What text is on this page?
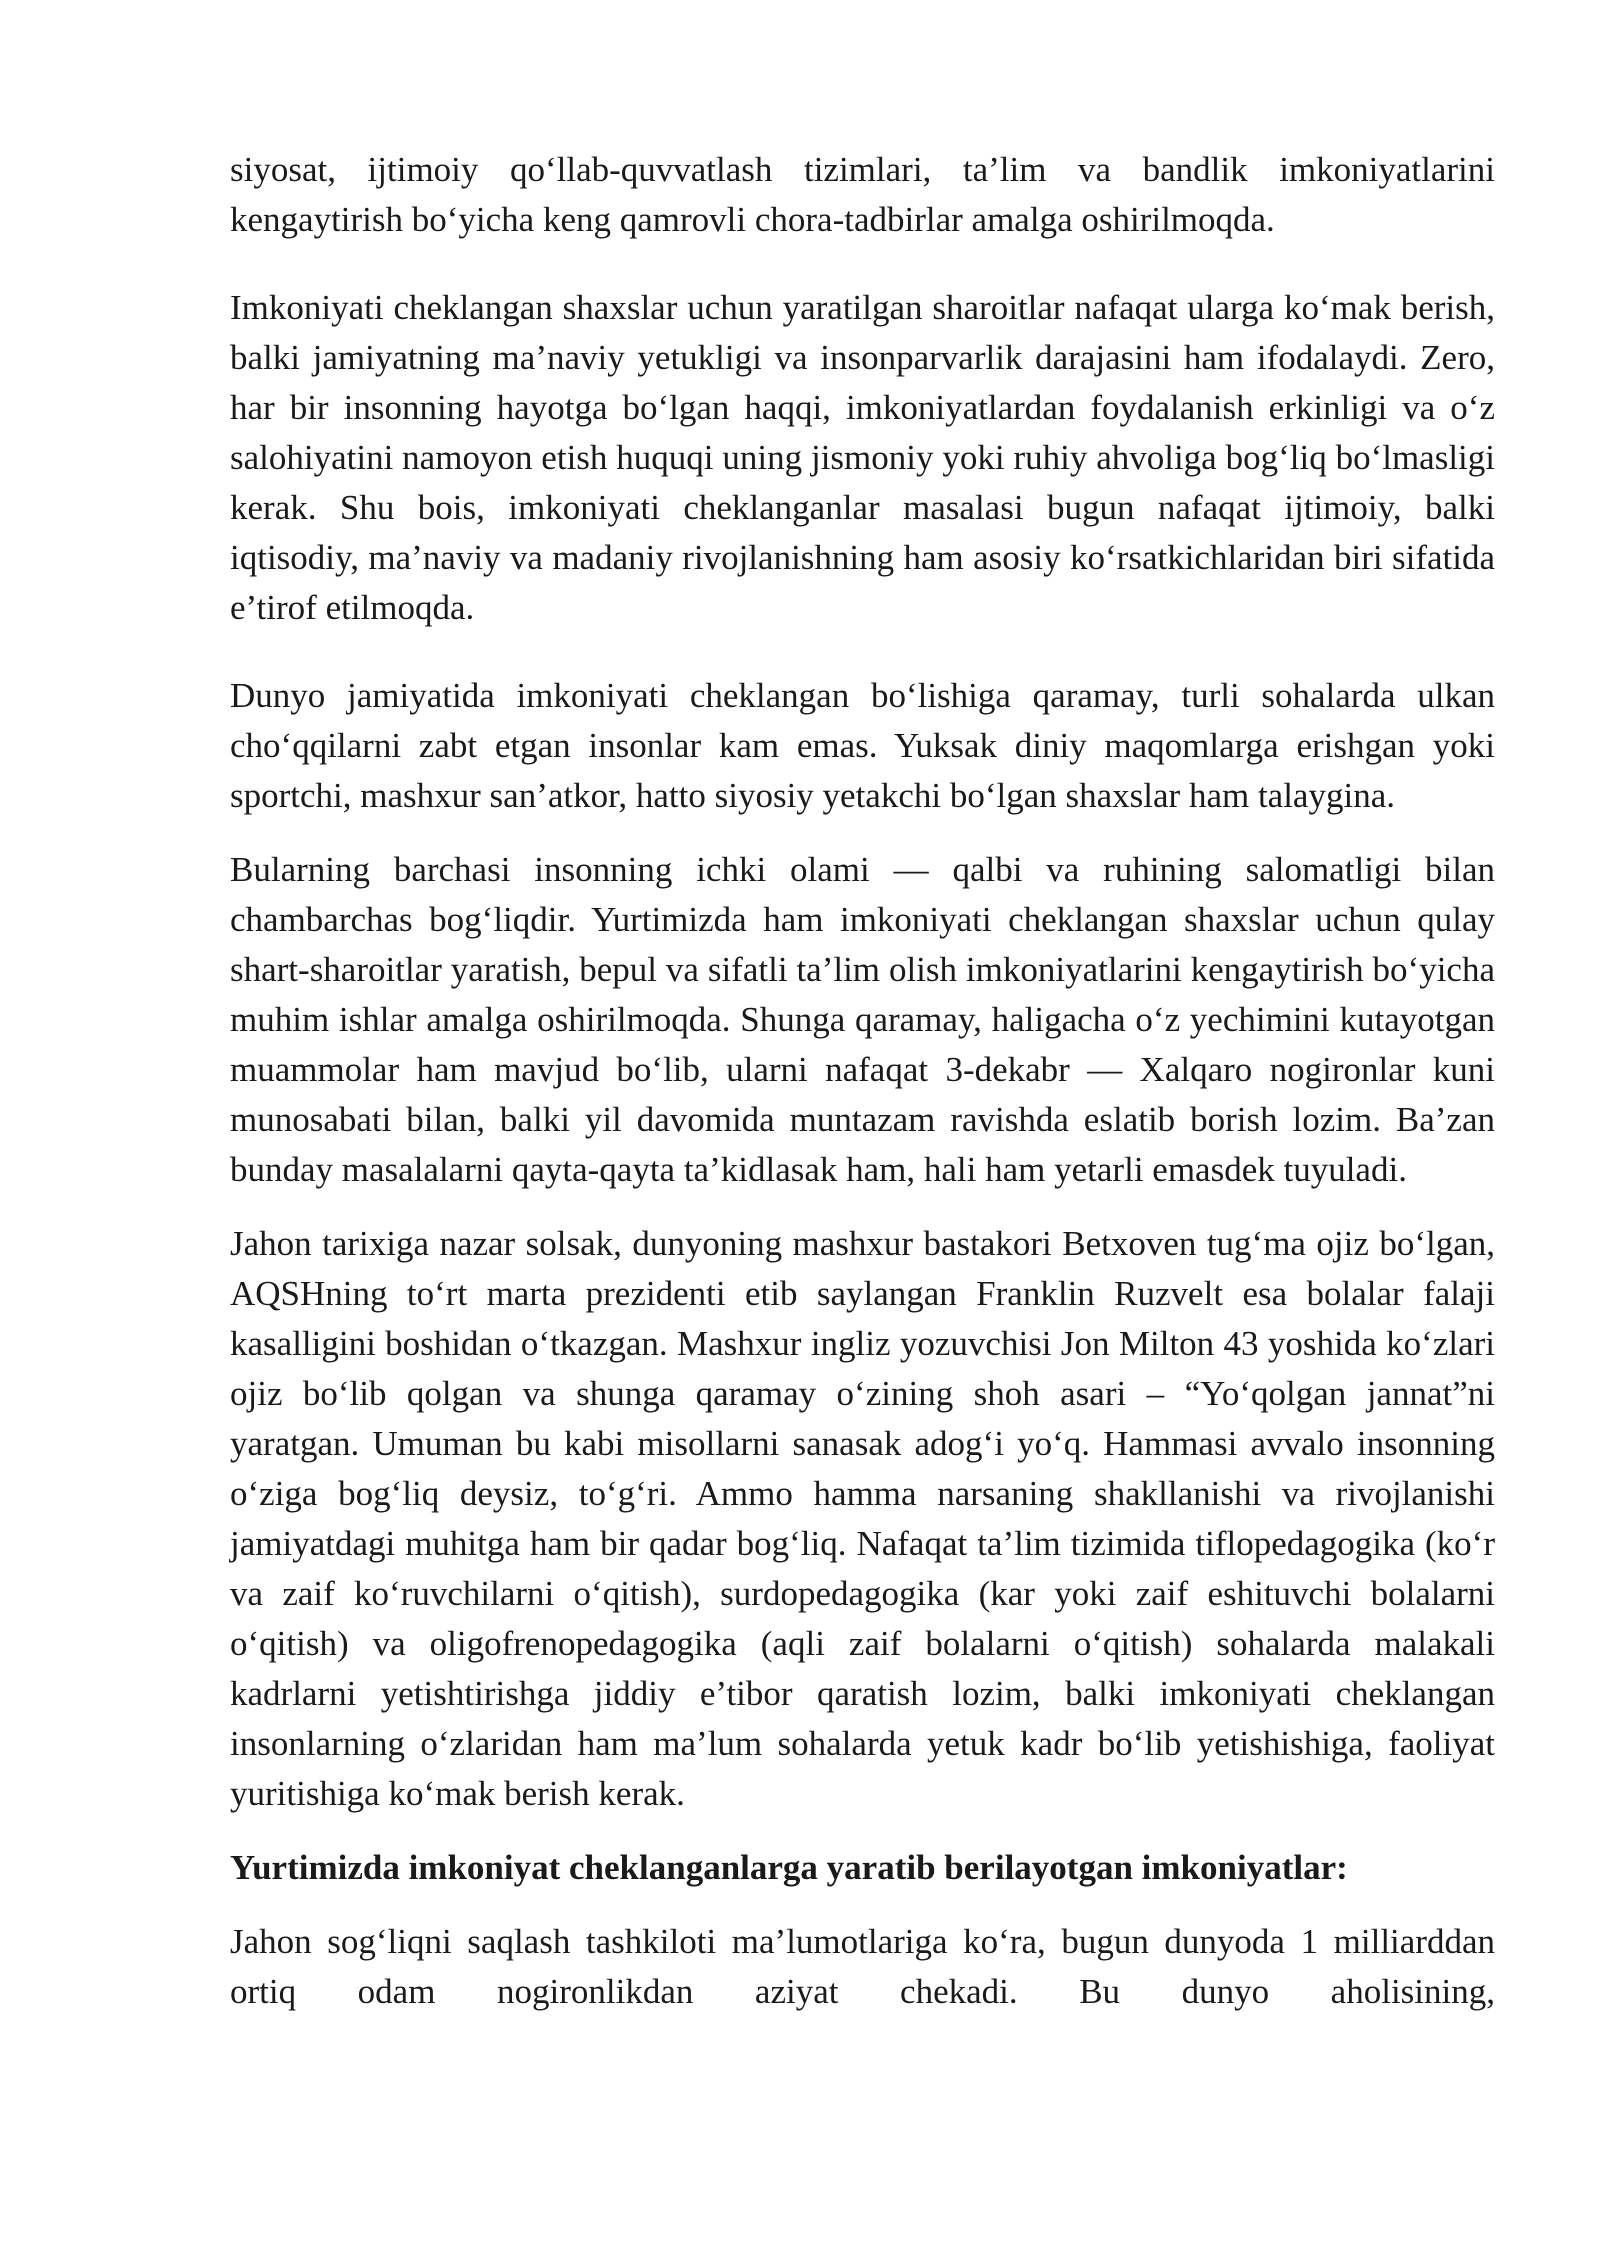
siyosat, ijtimoiy qo‘llab-quvvatlash tizimlari, ta’lim va bandlik imkoniyatlarini kengaytirish bo‘yicha keng qamrovli chora-tadbirlar amalga oshirilmoqda.

Imkoniyati cheklangan shaxslar uchun yaratilgan sharoitlar nafaqat ularga ko‘mak berish, balki jamiyatning ma’naviy yetukligi va insonparvarlik darajasini ham ifodalaydi. Zero, har bir insonning hayotga bo‘lgan haqqi, imkoniyatlardan foydalanish erkinligi va o‘z salohiyatini namoyon etish huquqi uning jismoniy yoki ruhiy ahvoliga bog‘liq bo‘lmasligi kerak. Shu bois, imkoniyati cheklanganlar masalasi bugun nafaqat ijtimoiy, balki iqtisodiy, ma’naviy va madaniy rivojlanishning ham asosiy ko‘rsatkichlaridan biri sifatida e’tirof etilmoqda.

Dunyo jamiyatida imkoniyati cheklangan bo‘lishiga qaramay, turli sohalarda ulkan cho‘qqilarni zabt etgan insonlar kam emas. Yuksak diniy maqomlarga erishgan yoki sportchi, mashxur san’atkor, hatto siyosiy yetakchi bo‘lgan shaxslar ham talaygina.

Bularning barchasi insonning ichki olami — qalbi va ruhining salomatligi bilan chambarchas bog‘liqdir. Yurtimizda ham imkoniyati cheklangan shaxslar uchun qulay shart-sharoitlar yaratish, bepul va sifatli ta’lim olish imkoniyatlarini kengaytirish bo‘yicha muhim ishlar amalga oshirilmoqda. Shunga qaramay, haligacha o‘z yechimini kutayotgan muammolar ham mavjud bo‘lib, ularni nafaqat 3-dekabr — Xalqaro nogironlar kuni munosabati bilan, balki yil davomida muntazam ravishda eslatib borish lozim. Ba’zan bunday masalalarni qayta-qayta ta’kidlasak ham, hali ham yetarli emasdek tuyuladi.

Jahon tarixiga nazar solsak, dunyoning mashxur bastakori Betxoven tug‘ma ojiz bo‘lgan, AQSHning to‘rt marta prezidenti etib saylangan Franklin Ruzvelt esa bolalar falaji kasalligini boshidan o‘tkazgan. Mashxur ingliz yozuvchisi Jon Milton 43 yoshida ko‘zlari ojiz bo‘lib qolgan va shunga qaramay o‘zining shoh asari – “Yo‘qolgan jannat”ni yaratgan. Umuman bu kabi misollarni sanasak adog‘i yo‘q. Hammasi avvalo insonning o‘ziga bog‘liq deysiz, to‘g‘ri. Ammo hamma narsaning shakllanishi va rivojlanishi jamiyatdagi muhitga ham bir qadar bog‘liq. Nafaqat ta’lim tizimida tiflopedagogika (ko‘r va zaif ko‘ruvchilarni o‘qitish), surdopedagogika (kar yoki zaif eshituvchi bolalarni o‘qitish) va oligofrenopedagogika (aqli zaif bolalarni o‘qitish) sohalarda malakali kadrlarni yetishtirishga jiddiy e’tibor qaratish lozim, balki imkoniyati cheklangan insonlarning o‘zlaridan ham ma’lum sohalarda yetuk kadr bo‘lib yetishishiga, faoliyat yuritishiga ko‘mak berish kerak.

Yurtimizda imkoniyat cheklanganlarga yaratib berilayotgan imkoniyatlar:

Jahon sog‘liqni saqlash tashkiloti ma’lumotlariga ko‘ra, bugun dunyoda 1 milliarddan ortiq odam nogironlikdan aziyat chekadi. Bu dunyo aholisining,
